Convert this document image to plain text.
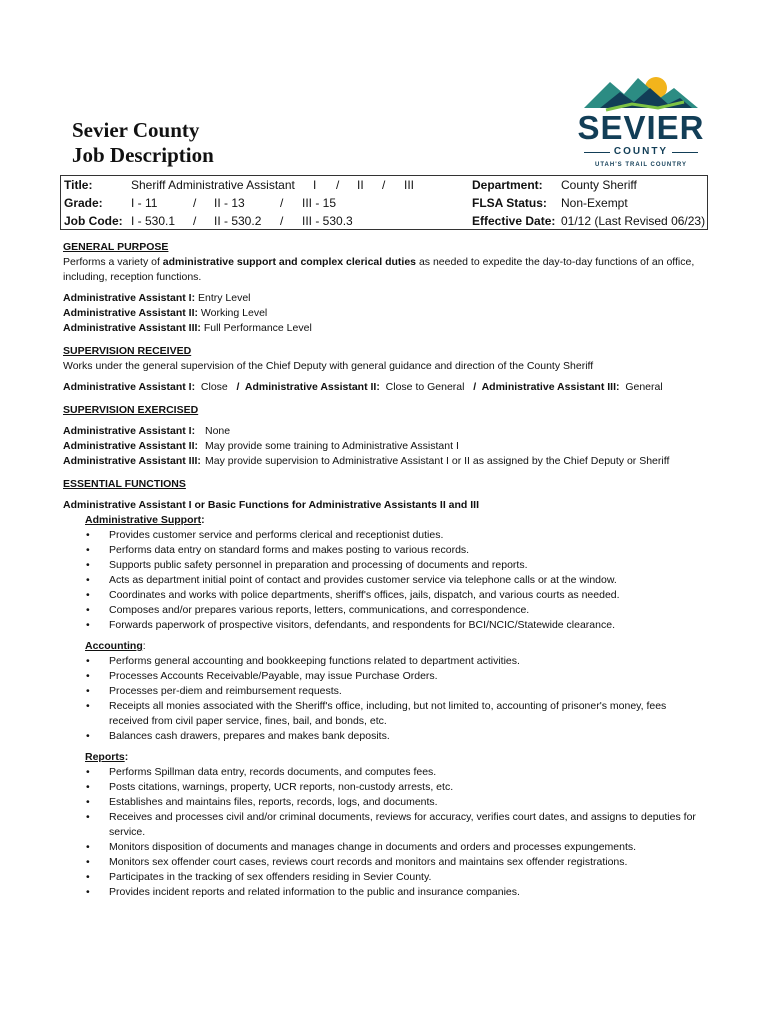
Sevier County
Job Description
SEVIER
COUNTY
UTAH'S TRAIL COUNTRY
Title:	Sheriff Administrative Assistant I / II / III	Department: County Sheriff
Grade: I - 11	/ II - 13	/ III - 15	FLSA Status: Non-Exempt
Job Code: I - 530.1 / II - 530.2 / III - 530.3	Effective Date: 01/12 (Last Revised 06/23)
GENERAL PURPOSE

Performs a variety of administrative support and complex clerical duties as needed to expedite the day-to-day functions of an office, including, reception functions.

Administrative Assistant I: Entry Level

Administrative Assistant II: Working Level

Administrative Assistant III: Full Performance Level

SUPERVISION RECEIVED

Works under the general supervision of the Chief Deputy with general guidance and direction of the County Sheriff

Administrative Assistant I:  Close   /  Administrative Assistant II:  Close to General   /  Administrative Assistant III:  General

SUPERVISION EXERCISED
Administrative Assistant I: None
Administrative Assistant II: May provide some training to Administrative Assistant I
Administrative Assistant III: May provide supervision to Administrative Assistant I or II as assigned by the Chief Deputy or Sheriff
ESSENTIAL FUNCTIONS

Administrative Assistant I or Basic Functions for Administrative Assistants II and III

Administrative Support:

• Provides customer service and performs clerical and receptionist duties.
• Performs data entry on standard forms and makes posting to various records.
• Supports public safety personnel in preparation and processing of documents and reports.
• Acts as department initial point of contact and provides customer service via telephone calls or at the window.
• Coordinates and works with police departments, sheriff's offices, jails, dispatch, and various courts as needed.
• Composes and/or prepares various reports, letters, communications, and correspondence.
• Forwards paperwork of prospective visitors, defendants, and respondents for BCI/NCIC/Statewide clearance.

Accounting:

• Performs general accounting and bookkeeping functions related to department activities.
• Processes Accounts Receivable/Payable, may issue Purchase Orders.
• Processes per-diem and reimbursement requests.
• Receipts all monies associated with the Sheriff's office, including, but not limited to, accounting of prisoner's money, fees received from civil paper service, fines, bail, and bonds, etc.
• Balances cash drawers, prepares and makes bank deposits.

Reports:

• Performs Spillman data entry, records documents, and computes fees.
• Posts citations, warnings, property, UCR reports, non-custody arrests, etc.
• Establishes and maintains files, reports, records, logs, and documents.
• Receives and processes civil and/or criminal documents, reviews for accuracy, verifies court dates, and assigns to deputies for service.
• Monitors disposition of documents and manages change in documents and orders and processes expungements.
• Monitors sex offender court cases, reviews court records and monitors and maintains sex offender registrations.
• Participates in the tracking of sex offenders residing in Sevier County.
• Provides incident reports and related information to the public and insurance companies.
